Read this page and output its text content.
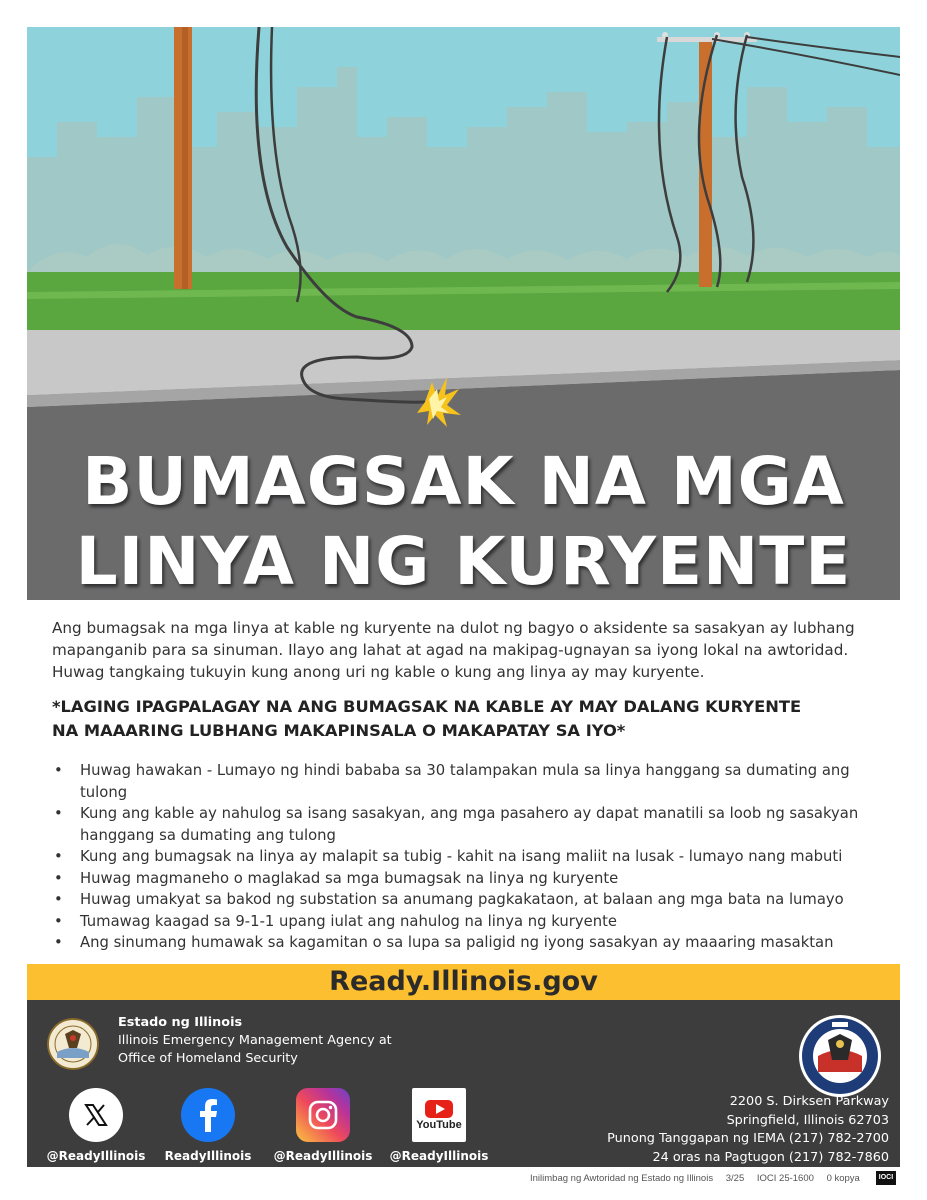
BUMAGSAK NA MGA
LINYA NG KURYENTE
Ang bumagsak na mga linya at kable ng kuryente na dulot ng bagyo o aksidente sa sasakyan ay lubhang mapanganib para sa sinuman. Ilayo ang lahat at agad na makipag-ugnayan sa iyong lokal na awtoridad. Huwag tangkaing tukuyin kung anong uri ng kable o kung ang linya ay may kuryente.
*LAGING IPAGPALAGAY NA ANG BUMAGSAK NA KABLE AY MAY DALANG KURYENTE
NA MAAARING LUBHANG MAKAPINSALA O MAKAPATAY SA IYO*
• Huwag hawakan - Lumayo ng hindi bababa sa 30 talampakan mula sa linya hanggang sa dumating ang tulong
• Kung ang kable ay nahulog sa isang sasakyan, ang mga pasahero ay dapat manatili sa loob ng sasakyan hanggang sa dumating ang tulong
• Kung ang bumagsak na linya ay malapit sa tubig - kahit na isang maliit na lusak - lumayo nang mabuti
• Huwag magmaneho o maglakad sa mga bumagsak na linya ng kuryente
• Huwag umakyat sa bakod ng substation sa anumang pagkakataon, at balaan ang mga bata na lumayo
• Tumawag kaagad sa 9-1-1 upang iulat ang nahulog na linya ng kuryente
• Ang sinumang humawak sa kagamitan o sa lupa sa paligid ng iyong sasakyan ay maaaring masaktan
Ready.Illinois.gov
Estado ng Illinois
Illinois Emergency Management Agency at
Office of Homeland Security
@ReadyIllinois	ReadyIllinois	@ReadyIllinois
YouTube
@ReadyIllinois
2200 S. Dirksen Parkway
Springfield, Illinois 62703
Punong Tanggapan ng IEMA (217) 782-2700
24 oras na Pagtugon (217) 782-7860
Inilimbag ng Awtoridad ng Estado ng Illinois 3/25 IOCI 25-1600 0 kopya	IOCI
